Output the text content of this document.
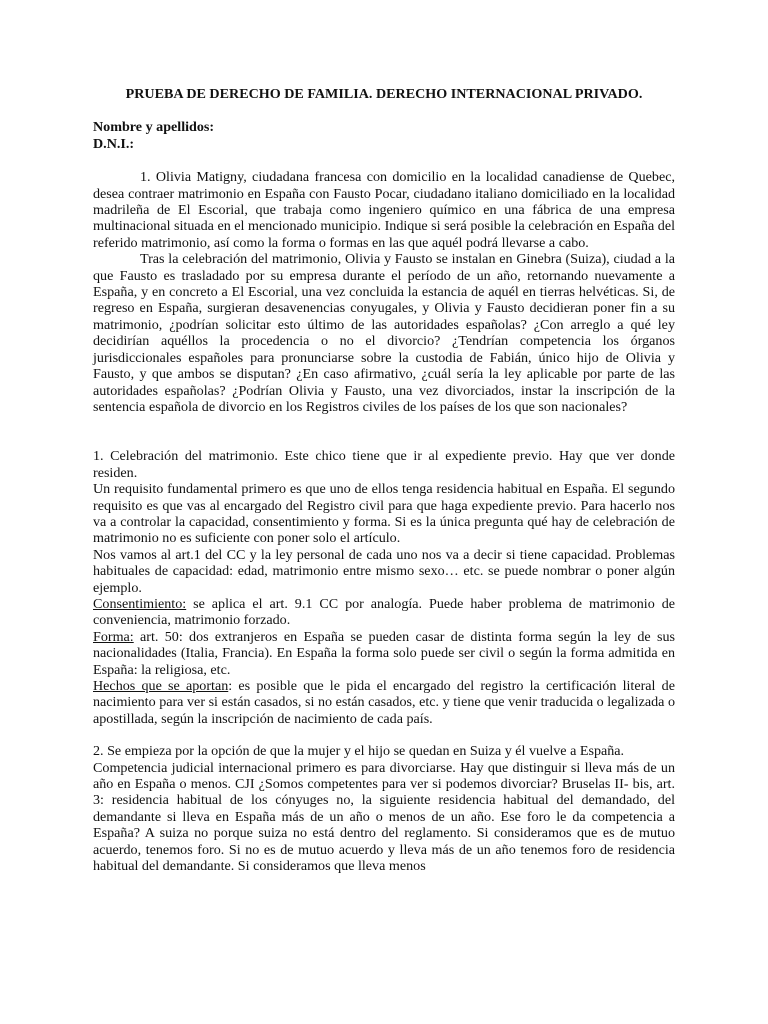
PRUEBA DE DERECHO DE FAMILIA. DERECHO INTERNACIONAL PRIVADO.

Nombre y apellidos:

D.N.I.:

1. Olivia Matigny, ciudadana francesa con domicilio en la localidad canadiense de Quebec, desea contraer matrimonio en España con Fausto Pocar, ciudadano italiano domiciliado en la localidad madrileña de El Escorial, que trabaja como ingeniero químico en una fábrica de una empresa multinacional situada en el mencionado municipio. Indique si será posible la celebración en España del referido matrimonio, así como la forma o formas en las que aquél podrá llevarse a cabo.

Tras la celebración del matrimonio, Olivia y Fausto se instalan en Ginebra (Suiza), ciudad a la que Fausto es trasladado por su empresa durante el período de un año, retornando nuevamente a España, y en concreto a El Escorial, una vez concluida la estancia de aquél en tierras helvéticas. Si, de regreso en España, surgieran desavenencias conyugales, y Olivia y Fausto decidieran poner fin a su matrimonio, ¿podrían solicitar esto último de las autoridades españolas? ¿Con arreglo a qué ley decidirían aquéllos la procedencia o no el divorcio? ¿Tendrían competencia los órganos jurisdiccionales españoles para pronunciarse sobre la custodia de Fabián, único hijo de Olivia y Fausto, y que ambos se disputan? ¿En caso afirmativo, ¿cuál sería la ley aplicable por parte de las autoridades españolas? ¿Podrían Olivia y Fausto, una vez divorciados, instar la inscripción de la sentencia española de divorcio en los Registros civiles de los países de los que son nacionales?

1. Celebración del matrimonio. Este chico tiene que ir al expediente previo. Hay que ver donde residen.

Un requisito fundamental primero es que uno de ellos tenga residencia habitual en España. El segundo requisito es que vas al encargado del Registro civil para que haga expediente previo. Para hacerlo nos va a controlar la capacidad, consentimiento y forma. Si es la única pregunta qué hay de celebración de matrimonio no es suficiente con poner solo el artículo.

Nos vamos al art.1 del CC y la ley personal de cada uno nos va a decir si tiene capacidad. Problemas habituales de capacidad: edad, matrimonio entre mismo sexo… etc. se puede nombrar o poner algún ejemplo.

Consentimiento: se aplica el art. 9.1 CC por analogía. Puede haber problema de matrimonio de conveniencia, matrimonio forzado.

Forma: art. 50: dos extranjeros en España se pueden casar de distinta forma según la ley de sus nacionalidades (Italia, Francia). En España la forma solo puede ser civil o según la forma admitida en España: la religiosa, etc.

Hechos que se aportan: es posible que le pida el encargado del registro la certificación literal de nacimiento para ver si están casados, si no están casados, etc. y tiene que venir traducida o legalizada o apostillada, según la inscripción de nacimiento de cada país.

2. Se empieza por la opción de que la mujer y el hijo se quedan en Suiza y él vuelve a España.

Competencia judicial internacional primero es para divorciarse. Hay que distinguir si lleva más de un año en España o menos. CJI ¿Somos competentes para ver si podemos divorciar? Bruselas II- bis, art. 3: residencia habitual de los cónyuges no, la siguiente residencia habitual del demandado, del demandante si lleva en España más de un año o menos de un año. Ese foro le da competencia a España? A suiza no porque suiza no está dentro del reglamento. Si consideramos que es de mutuo acuerdo, tenemos foro. Si no es de mutuo acuerdo y lleva más de un año tenemos foro de residencia habitual del demandante. Si consideramos que lleva menos
